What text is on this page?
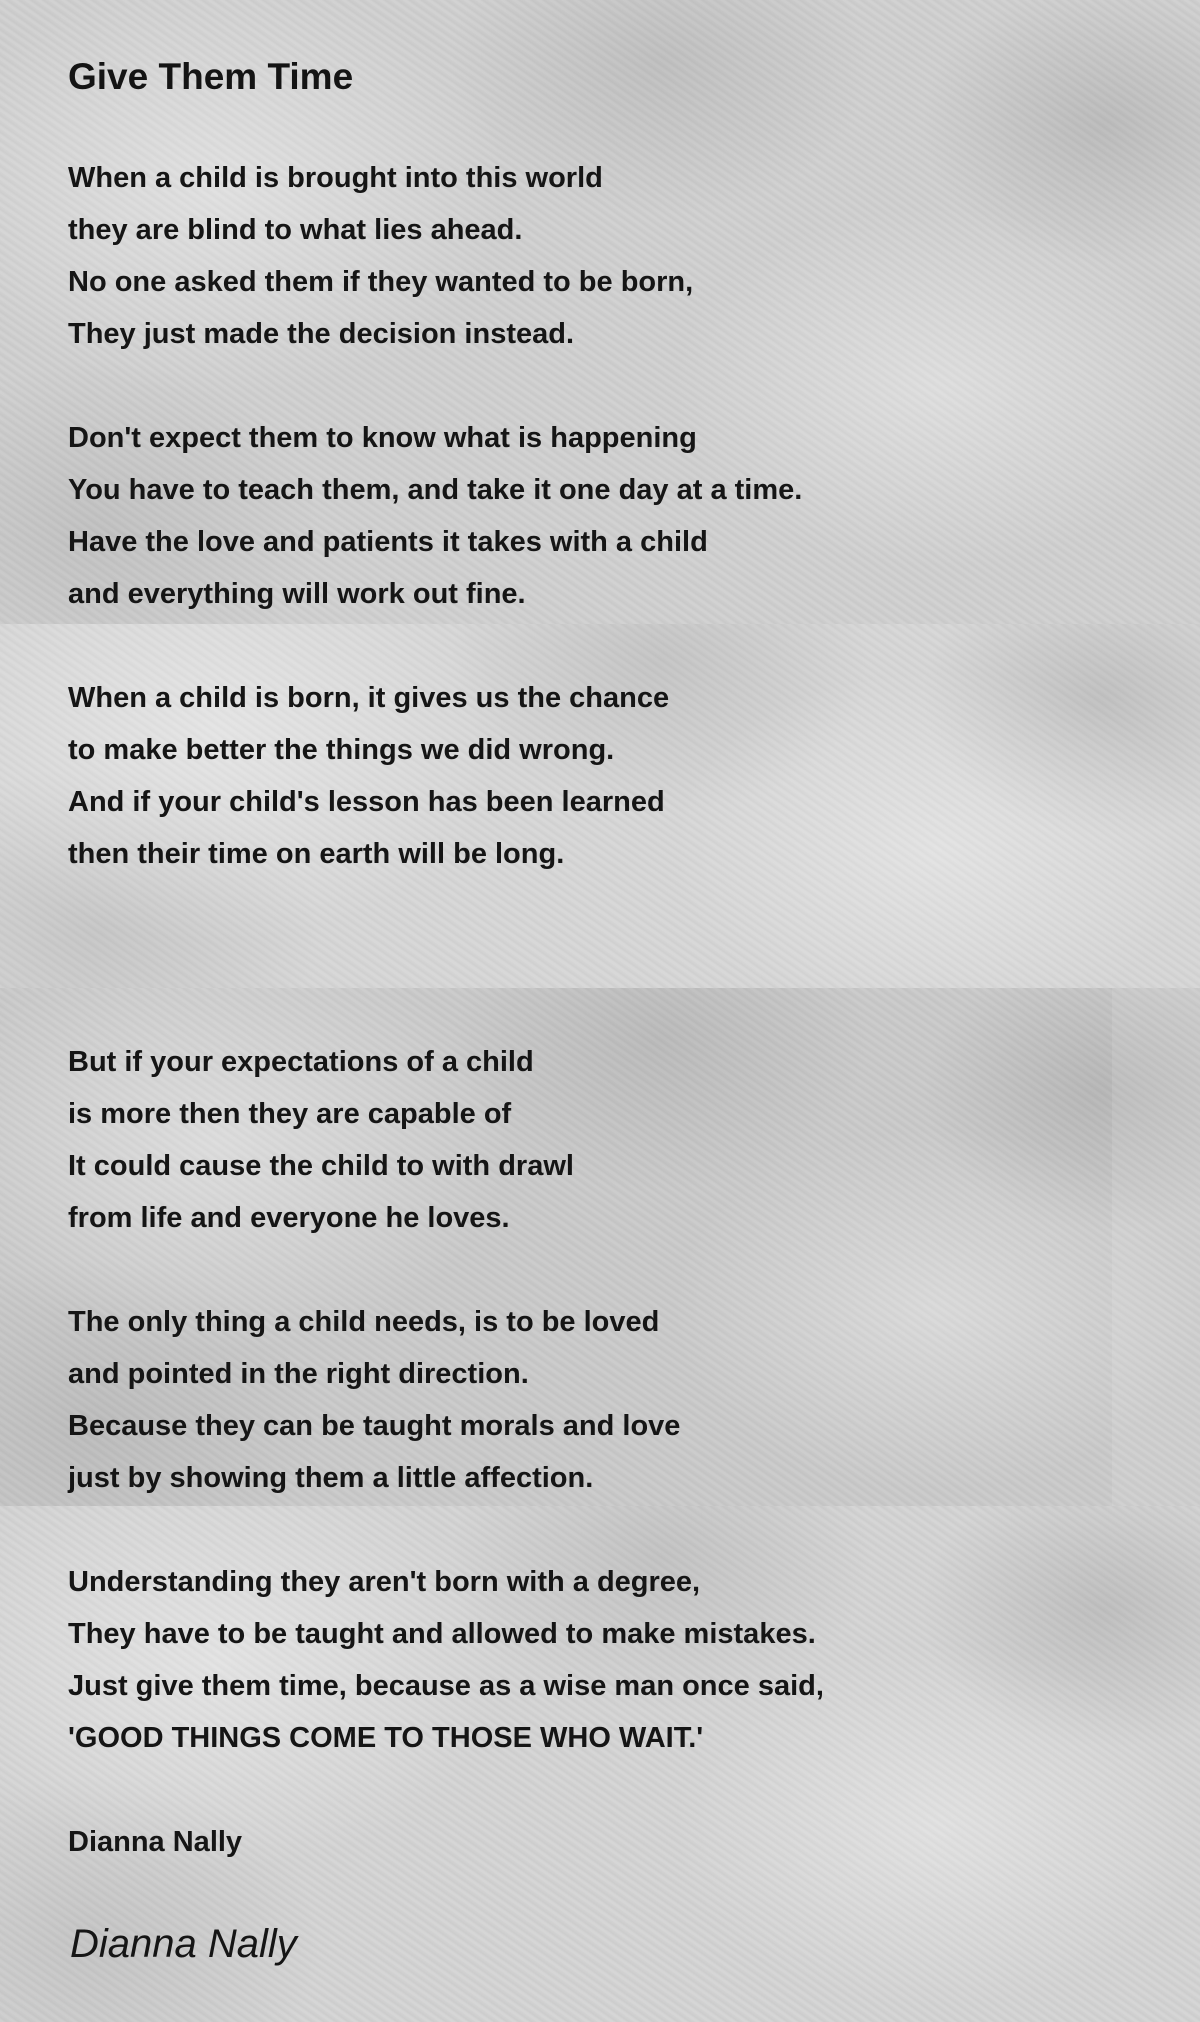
Give Them Time
When a child is brought into this world
they are blind to what lies ahead.
No one asked them if they wanted to be born,
They just made the decision instead.
Don't expect them to know what is happening
You have to teach them, and take it one day at a time.
Have the love and patients it takes with a child
and everything will work out fine.
When a child is born, it gives us the chance
to make better the things we did wrong.
And if your child's lesson has been learned
then their time on earth will be long.
But if your expectations of a child
is more then they are capable of
It could cause the child to with drawl
from life and everyone he loves.
The only thing a child needs, is to be loved
and pointed in the right direction.
Because they can be taught morals and love
just by showing them a little affection.
Understanding they aren't born with a degree,
They have to be taught and allowed to make mistakes.
Just give them time, because as a wise man once said,
'GOOD THINGS COME TO THOSE WHO WAIT.'
Dianna Nally
Dianna Nally
